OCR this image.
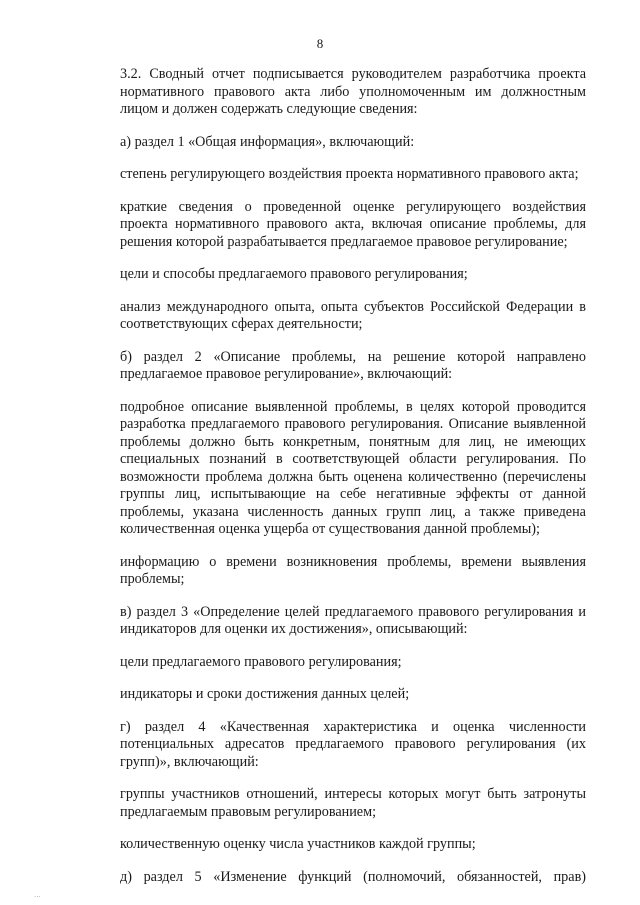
8

3.2. Сводный отчет подписывается руководителем разработчика проекта нормативного правового акта либо уполномоченным им должностным лицом и должен содержать следующие сведения:

а) раздел 1 «Общая информация», включающий:

степень регулирующего воздействия проекта нормативного правового акта;

краткие сведения о проведенной оценке регулирующего воздействия проекта нормативного правового акта, включая описание проблемы, для решения которой разрабатывается предлагаемое правовое регулирование;

цели и способы предлагаемого правового регулирования;

анализ международного опыта, опыта субъектов Российской Федерации в соответствующих сферах деятельности;

б) раздел 2 «Описание проблемы, на решение которой направлено предлагаемое правовое регулирование», включающий:

подробное описание выявленной проблемы, в целях которой проводится разработка предлагаемого правового регулирования. Описание выявленной проблемы должно быть конкретным, понятным для лиц, не имеющих специальных познаний в соответствующей области регулирования. По возможности проблема должна быть оценена количественно (перечислены группы лиц, испытывающие на себе негативные эффекты от данной проблемы, указана численность данных групп лиц, а также приведена количественная оценка ущерба от существования данной проблемы);

информацию о времени возникновения проблемы, времени выявления проблемы;

в) раздел 3 «Определение целей предлагаемого правового регулирования и индикаторов для оценки их достижения», описывающий:

цели предлагаемого правового регулирования;

индикаторы и сроки достижения данных целей;

г) раздел 4 «Качественная характеристика и оценка численности потенциальных адресатов предлагаемого правового регулирования (их групп)», включающий:

группы участников отношений, интересы которых могут быть затронуты предлагаемым правовым регулированием;

количественную оценку числа участников каждой группы;

д) раздел 5 «Изменение функций (полномочий, обязанностей, прав)

·‧·
